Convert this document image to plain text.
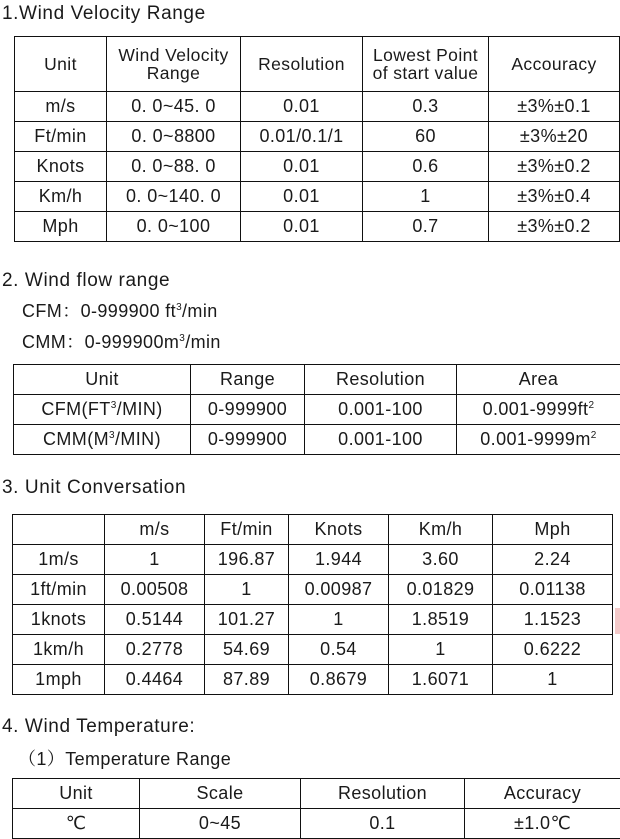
1.Wind Velocity Range
Unit	Wind Velocity Range	Resolution	Lowest Point of start value	Accouracy
m/s	0. 0~45. 0	0.01	0.3	±3%±0.1
Ft/min	0. 0~8800	0.01/0.1/1	60	±3%±20
Knots	0. 0~88. 0	0.01	0.6	±3%±0.2
Km/h	0. 0~140. 0	0.01	1	±3%±0.4
Mph	0. 0~100	0.01	0.7	±3%±0.2
2. Wind flow range
CFM：0-999900 $ft^3/\min$
CMM：$0-999900m^3/\min$
Unit	Range	Resolution	Area
$CFM(FT^3/MIN)$	0-999900	0.001-100	$0.001-9999ft^2$
$CMM(M^3/MIN)$	0-999900	0.001-100	$0.001-9999m^2$
3. Unit Conversation
	m/s	Ft/min	Knots	Km/h	Mph
1m/s	1	196.87	1.944	3.60	2.24
1ft/min	0.00508	1	0.00987	0.01829	0.01138
1knots	0.5144	101.27	1	1.8519	1.1523
1km/h	0.2778	54.69	0.54	1	0.6222
1mph	0.4464	87.89	0.8679	1.6071	1
4. Wind Temperature:
（1）Temperature Range
Unit	Scale	Resolution	Accuracy
℃	0~45	0.1	±1.0℃
